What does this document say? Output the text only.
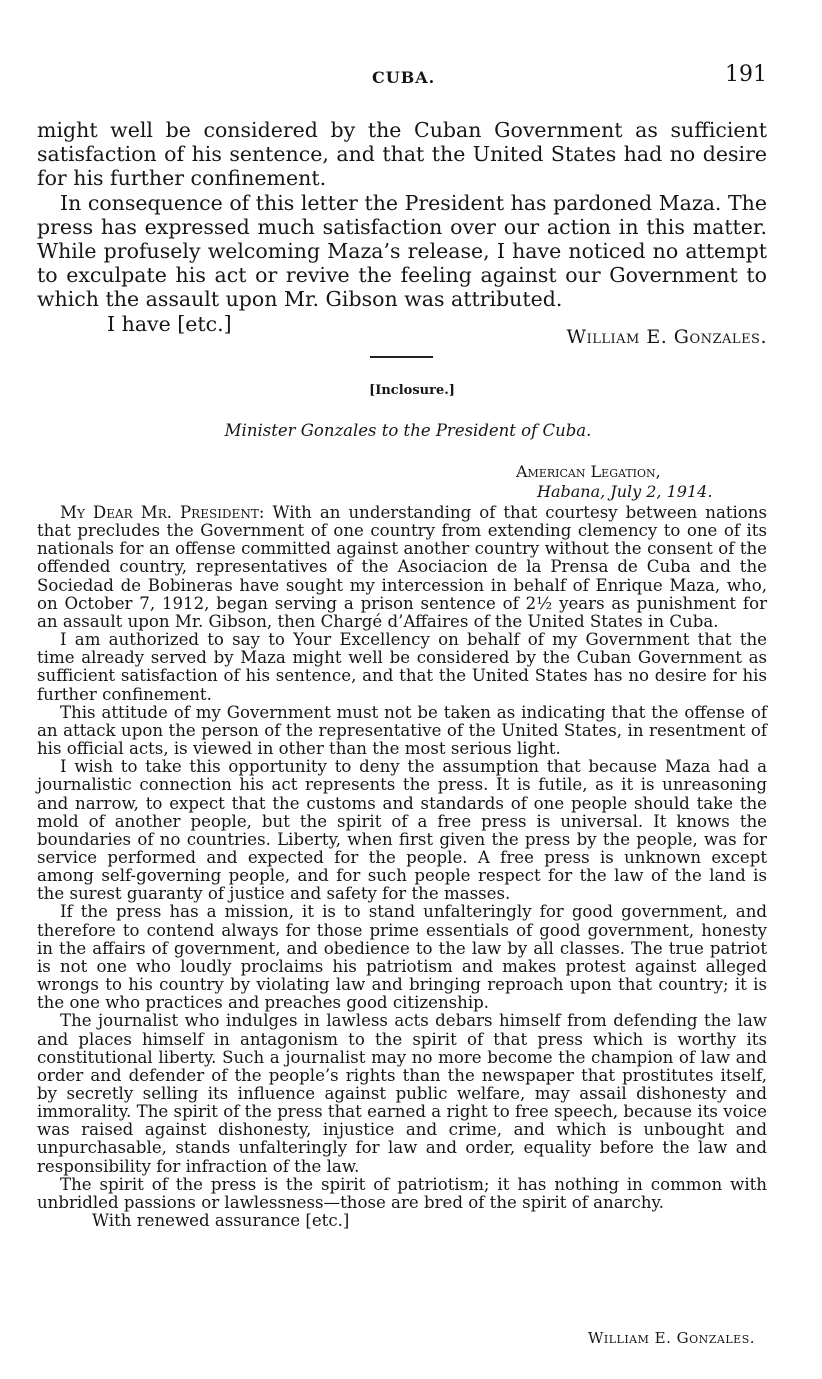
CUBA.	191

might well be considered by the Cuban Government as sufficient satisfaction of his sentence, and that the United States had no desire for his further confinement.

In consequence of this letter the President has pardoned Maza. The press has expressed much satisfaction over our action in this matter. While profusely welcoming Maza’s release, I have noticed no attempt to exculpate his act or revive the feeling against our Government to which the assault upon Mr. Gibson was attributed.

I have [etc.]

William E. Gonzales.
[Inclosure.]
Minister Gonzales to the President of Cuba.
American Legation,
Habana, July 2, 1914.

My Dear Mr. President: With an understanding of that courtesy between nations that precludes the Government of one country from extending clemency to one of its nationals for an offense committed against another country without the consent of the offended country, representatives of the Asociacion de la Prensa de Cuba and the Sociedad de Bobineras have sought my intercession in behalf of Enrique Maza, who, on October 7, 1912, began serving a prison sentence of 2½ years as punishment for an assault upon Mr. Gibson, then Chargé d’Affaires of the United States in Cuba.

I am authorized to say to Your Excellency on behalf of my Government that the time already served by Maza might well be considered by the Cuban Government as sufficient satisfaction of his sentence, and that the United States has no desire for his further confinement.

This attitude of my Government must not be taken as indicating that the offense of an attack upon the person of the representative of the United States, in resentment of his official acts, is viewed in other than the most serious light.

I wish to take this opportunity to deny the assumption that because Maza had a journalistic connection his act represents the press. It is futile, as it is unreasoning and narrow, to expect that the customs and standards of one people should take the mold of another people, but the spirit of a free press is universal. It knows the boundaries of no countries. Liberty, when first given the press by the people, was for service performed and expected for the people. A free press is unknown except among self-governing people, and for such people respect for the law of the land is the surest guaranty of justice and safety for the masses.

If the press has a mission, it is to stand unfalteringly for good government, and therefore to contend always for those prime essentials of good government, honesty in the affairs of government, and obedience to the law by all classes. The true patriot is not one who loudly proclaims his patriotism and makes protest against alleged wrongs to his country by violating law and bringing reproach upon that country; it is the one who practices and preaches good citizenship.

The journalist who indulges in lawless acts debars himself from defending the law and places himself in antagonism to the spirit of that press which is worthy its constitutional liberty. Such a journalist may no more become the champion of law and order and defender of the people’s rights than the newspaper that prostitutes itself, by secretly selling its influence against public welfare, may assail dishonesty and immorality. The spirit of the press that earned a right to free speech, because its voice was raised against dishonesty, injustice and crime, and which is unbought and unpurchasable, stands unfalteringly for law and order, equality before the law and responsibility for infraction of the law.

The spirit of the press is the spirit of patriotism; it has nothing in common with unbridled passions or lawlessness—those are bred of the spirit of anarchy.

With renewed assurance [etc.]

William E. Gonzales.
